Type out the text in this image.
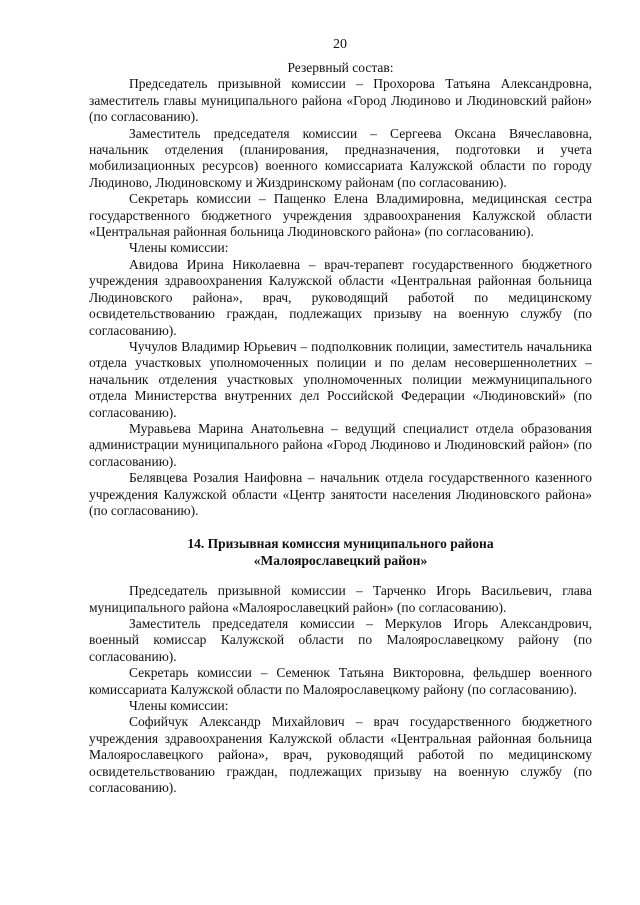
20
Резервный состав:

Председатель призывной комиссии – Прохорова Татьяна Александровна, заместитель главы муниципального района «Город Людиново и Людиновский район» (по согласованию).

Заместитель председателя комиссии – Сергеева Оксана Вячеславовна, начальник отделения (планирования, предназначения, подготовки и учета мобилизационных ресурсов) военного комиссариата Калужской области по городу Людиново, Людиновскому и Жиздринскому районам (по согласованию).

Секретарь комиссии – Пащенко Елена Владимировна, медицинская сестра государственного бюджетного учреждения здравоохранения Калужской области «Центральная районная больница Людиновского района» (по согласованию).

Члены комиссии:

Авидова Ирина Николаевна – врач-терапевт государственного бюджетного учреждения здравоохранения Калужской области «Центральная районная больница Людиновского района», врач, руководящий работой по медицинскому освидетельствованию граждан, подлежащих призыву на военную службу (по согласованию).

Чучулов Владимир Юрьевич – подполковник полиции, заместитель начальника отдела участковых уполномоченных полиции и по делам несовершеннолетних – начальник отделения участковых уполномоченных полиции межмуниципального отдела Министерства внутренних дел Российской Федерации «Людиновский» (по согласованию).

Муравьева Марина Анатольевна – ведущий специалист отдела образования администрации муниципального района «Город Людиново и Людиновский район» (по согласованию).

Белявцева Розалия Наифовна – начальник отдела государственного казенного учреждения Калужской области «Центр занятости населения Людиновского района» (по согласованию).

14. Призывная комиссия муниципального района
«Малоярославецкий район»

Председатель призывной комиссии – Тарченко Игорь Васильевич, глава муниципального района «Малоярославецкий район» (по согласованию).

Заместитель председателя комиссии – Меркулов Игорь Александрович, военный комиссар Калужской области по Малоярославецкому району (по согласованию).

Секретарь комиссии – Семенюк Татьяна Викторовна, фельдшер военного комиссариата Калужской области по Малоярославецкому району (по согласованию).

Члены комиссии:

Софийчук Александр Михайлович – врач государственного бюджетного учреждения здравоохранения Калужской области «Центральная районная больница Малоярославецкого района», врач, руководящий работой по медицинскому освидетельствованию граждан, подлежащих призыву на военную службу (по согласованию).
